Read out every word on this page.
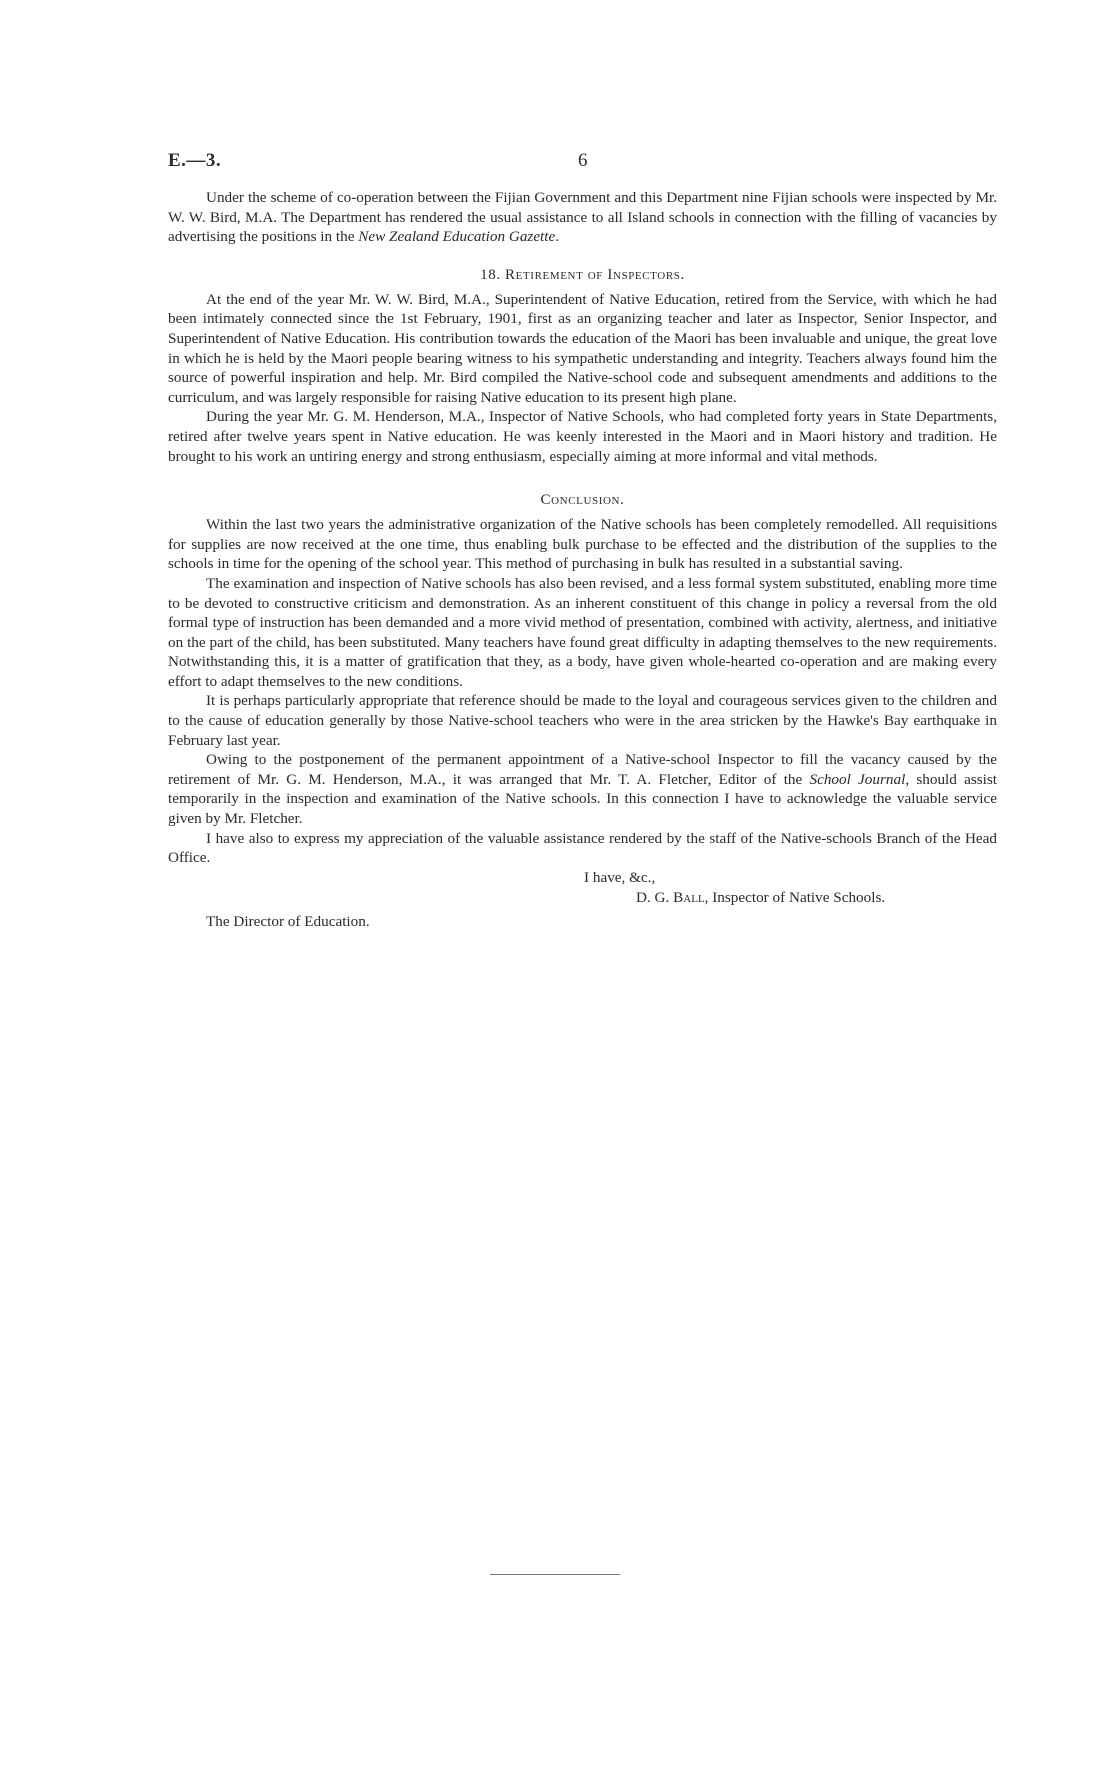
E.—3.	6

Under the scheme of co-operation between the Fijian Government and this Department nine Fijian schools were inspected by Mr. W. W. Bird, M.A. The Department has rendered the usual assistance to all Island schools in connection with the filling of vacancies by advertising the positions in the New Zealand Education Gazette.

18. Retirement of Inspectors.

At the end of the year Mr. W. W. Bird, M.A., Superintendent of Native Education, retired from the Service, with which he had been intimately connected since the 1st February, 1901, first as an organizing teacher and later as Inspector, Senior Inspector, and Superintendent of Native Education. His contribution towards the education of the Maori has been invaluable and unique, the great love in which he is held by the Maori people bearing witness to his sympathetic understanding and integrity. Teachers always found him the source of powerful inspiration and help. Mr. Bird compiled the Native-school code and subsequent amendments and additions to the curriculum, and was largely responsible for raising Native education to its present high plane.

During the year Mr. G. M. Henderson, M.A., Inspector of Native Schools, who had completed forty years in State Departments, retired after twelve years spent in Native education. He was keenly interested in the Maori and in Maori history and tradition. He brought to his work an untiring energy and strong enthusiasm, especially aiming at more informal and vital methods.

Conclusion.

Within the last two years the administrative organization of the Native schools has been completely remodelled. All requisitions for supplies are now received at the one time, thus enabling bulk purchase to be effected and the distribution of the supplies to the schools in time for the opening of the school year. This method of purchasing in bulk has resulted in a substantial saving.

The examination and inspection of Native schools has also been revised, and a less formal system substituted, enabling more time to be devoted to constructive criticism and demonstration. As an inherent constituent of this change in policy a reversal from the old formal type of instruction has been demanded and a more vivid method of presentation, combined with activity, alertness, and initiative on the part of the child, has been substituted. Many teachers have found great difficulty in adapting themselves to the new requirements. Notwithstanding this, it is a matter of gratification that they, as a body, have given whole-hearted co-operation and are making every effort to adapt themselves to the new conditions.

It is perhaps particularly appropriate that reference should be made to the loyal and courageous services given to the children and to the cause of education generally by those Native-school teachers who were in the area stricken by the Hawke's Bay earthquake in February last year.

Owing to the postponement of the permanent appointment of a Native-school Inspector to fill the vacancy caused by the retirement of Mr. G. M. Henderson, M.A., it was arranged that Mr. T. A. Fletcher, Editor of the School Journal, should assist temporarily in the inspection and examination of the Native schools. In this connection I have to acknowledge the valuable service given by Mr. Fletcher.

I have also to express my appreciation of the valuable assistance rendered by the staff of the Native-schools Branch of the Head Office.

I have, &c.,
D. G. Ball, Inspector of Native Schools.
The Director of Education.
